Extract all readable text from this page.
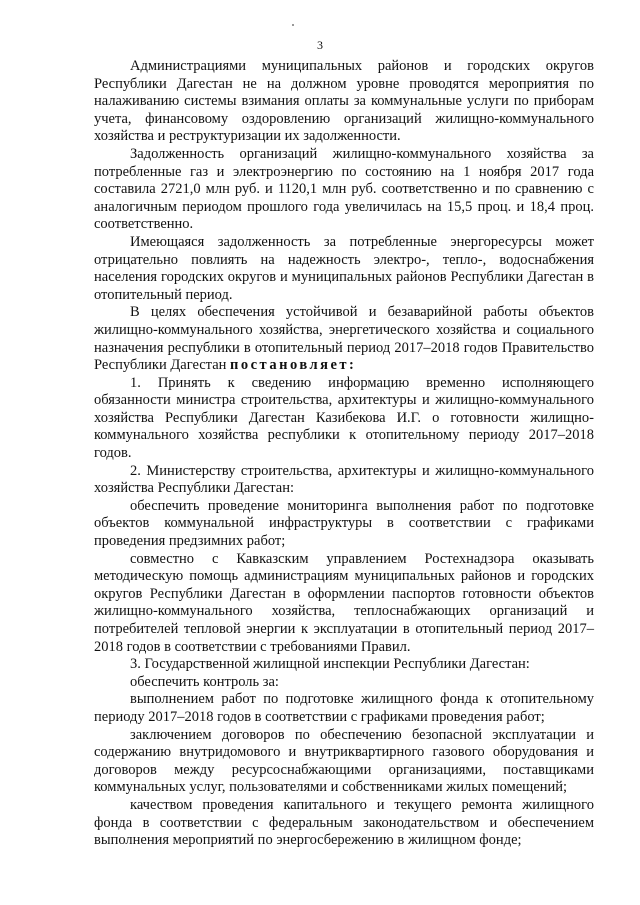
3

Администрациями муниципальных районов и городских округов Республики Дагестан не на должном уровне проводятся мероприятия по налаживанию системы взимания оплаты за коммунальные услуги по приборам учета, финансовому оздоровлению организаций жилищно-коммунального хозяйства и реструктуризации их задолженности.

Задолженность организаций жилищно-коммунального хозяйства за потребленные газ и электроэнергию по состоянию на 1 ноября 2017 года составила 2721,0 млн руб. и 1120,1 млн руб. соответственно и по сравнению с аналогичным периодом прошлого года увеличилась на 15,5 проц. и 18,4 проц. соответственно.

Имеющаяся задолженность за потребленные энергоресурсы может отрицательно повлиять на надежность электро-, тепло-, водоснабжения населения городских округов и муниципальных районов Республики Дагестан в отопительный период.

В целях обеспечения устойчивой и безаварийной работы объектов жилищно-коммунального хозяйства, энергетического хозяйства и социального назначения республики в отопительный период 2017–2018 годов Правительство Республики Дагестан постановляет:

1. Принять к сведению информацию временно исполняющего обязанности министра строительства, архитектуры и жилищно-коммунального хозяйства Республики Дагестан Казибекова И.Г. о готовности жилищно-коммунального хозяйства республики к отопительному периоду 2017–2018 годов.

2. Министерству строительства, архитектуры и жилищно-коммунального хозяйства Республики Дагестан:

обеспечить проведение мониторинга выполнения работ по подготовке объектов коммунальной инфраструктуры в соответствии с графиками проведения предзимних работ;

совместно с Кавказским управлением Ростехнадзора оказывать методическую помощь администрациям муниципальных районов и городских округов Республики Дагестан в оформлении паспортов готовности объектов жилищно-коммунального хозяйства, теплоснабжающих организаций и потребителей тепловой энергии к эксплуатации в отопительный период 2017–2018 годов в соответствии с требованиями Правил.

3. Государственной жилищной инспекции Республики Дагестан:

обеспечить контроль за:

выполнением работ по подготовке жилищного фонда к отопительному периоду 2017–2018 годов в соответствии с графиками проведения работ;

заключением договоров по обеспечению безопасной эксплуатации и содержанию внутридомового и внутриквартирного газового оборудования и договоров между ресурсоснабжающими организациями, поставщиками коммунальных услуг, пользователями и собственниками жилых помещений;

качеством проведения капитального и текущего ремонта жилищного фонда в соответствии с федеральным законодательством и обеспечением выполнения мероприятий по энергосбережению в жилищном фонде;
